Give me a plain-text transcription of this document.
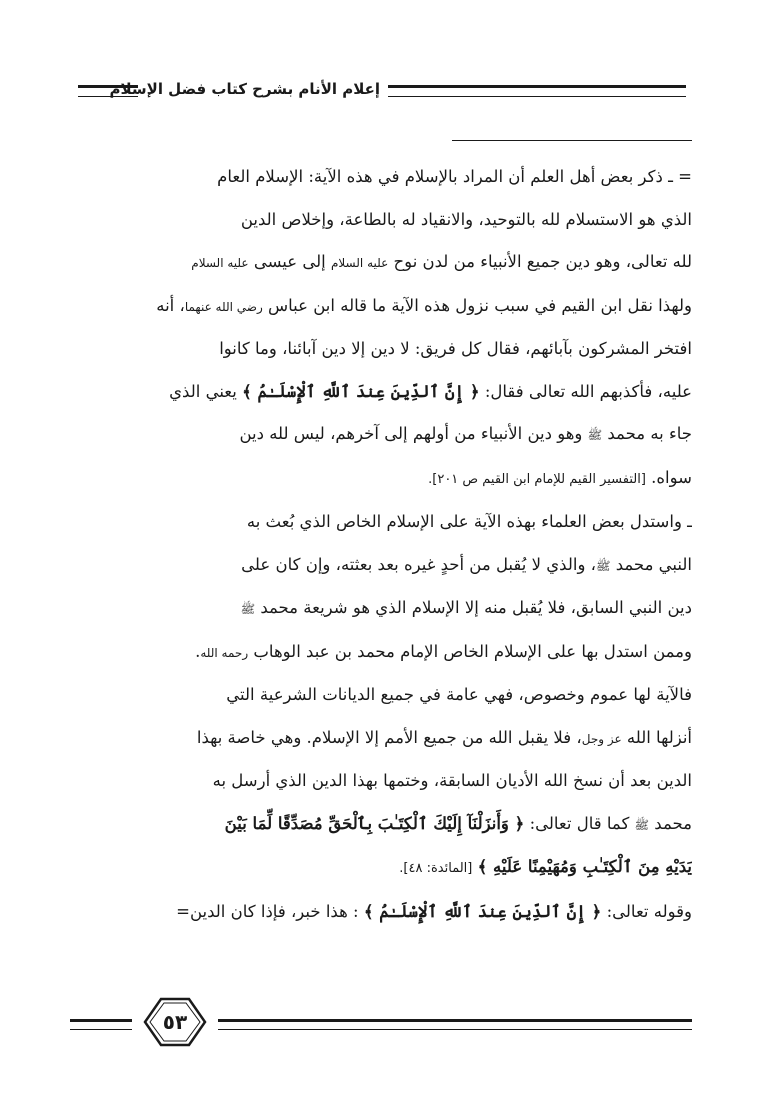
إعلام الأنام بشرح كتاب فضل الإسلام
= ـ ذكر بعض أهل العلم أن المراد بالإسلام في هذه الآية: الإسلام العام
الذي هو الاستسلام لله بالتوحيد، والانقياد له بالطاعة، وإخلاص الدين
لله تعالى، وهو دين جميع الأنبياء من لدن نوح عليه السلام إلى عيسى عليه السلام
ولهذا نقل ابن القيم في سبب نزول هذه الآية ما قاله ابن عباس رضي الله عنهما، أنه
افتخر المشركون بآبائهم، فقال كل فريق: لا دين إلا دين آبائنا، وما كانوا
عليه، فأكذبهم الله تعالى فقال: ﴿ إِنَّ ٱلدِّينَ عِندَ ٱللَّهِ ٱلْإِسْلَـٰمُ ﴾ يعني الذي
جاء به محمد ﷺ وهو دين الأنبياء من أولهم إلى آخرهم، ليس لله دين
سواه. [التفسير القيم للإمام ابن القيم ص ٢٠١].
ـ واستدل بعض العلماء بهذه الآية على الإسلام الخاص الذي بُعث به
النبي محمد ﷺ، والذي لا يُقبل من أحدٍ غيره بعد بعثته، وإن كان على
دين النبي السابق، فلا يُقبل منه إلا الإسلام الذي هو شريعة محمد ﷺ
وممن استدل بها على الإسلام الخاص الإمام محمد بن عبد الوهاب رحمه الله.
فالآية لها عموم وخصوص، فهي عامة في جميع الديانات الشرعية التي
أنزلها الله عز وجل، فلا يقبل الله من جميع الأمم إلا الإسلام. وهي خاصة بهذا
الدين بعد أن نسخ الله الأديان السابقة، وختمها بهذا الدين الذي أرسل به
محمد ﷺ كما قال تعالى: ﴿ وَأَنزَلْنَآ إِلَيْكَ ٱلْكِتَـٰبَ بِٱلْحَقِّ مُصَدِّقًا لِّمَا بَيْنَ
يَدَيْهِ مِنَ ٱلْكِتَـٰبِ وَمُهَيْمِنًا عَلَيْهِ ﴾ [المائدة: ٤٨].
وقوله تعالى: ﴿ إِنَّ ٱلدِّينَ عِندَ ٱللَّهِ ٱلْإِسْلَـٰمُ ﴾ : هذا خبر، فإذا كان الدين=
٥٣
